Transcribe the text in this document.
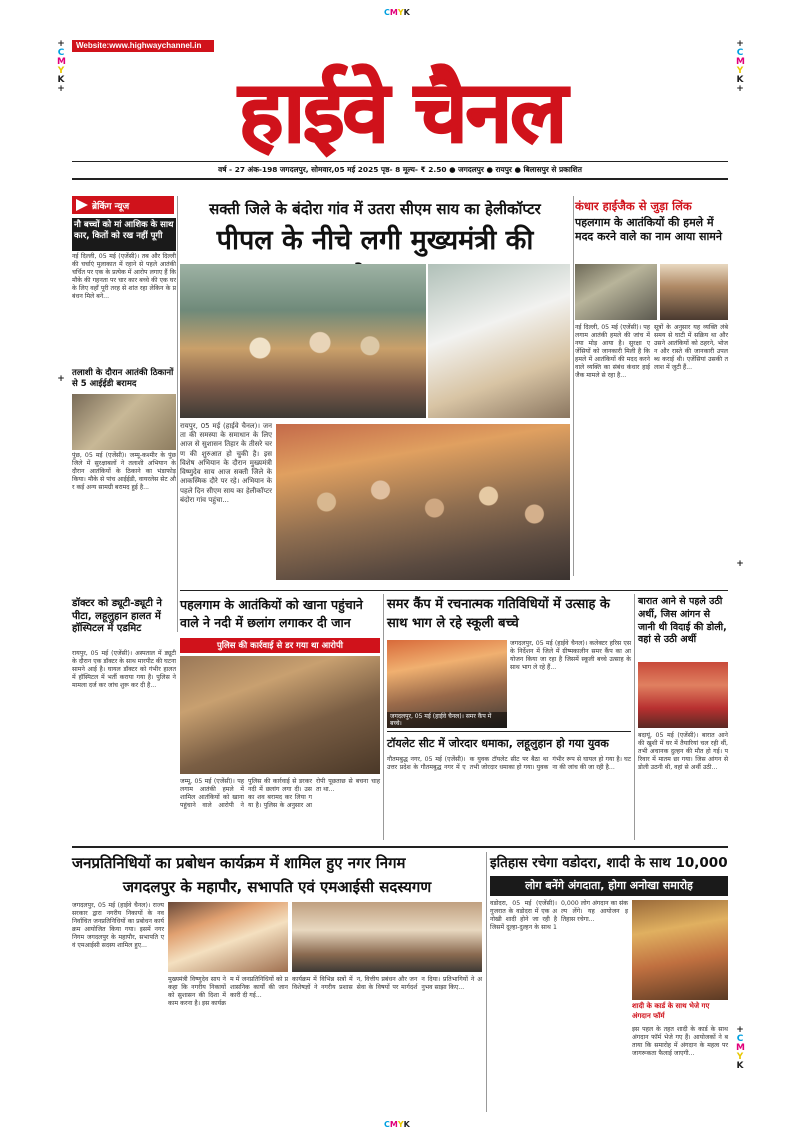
CMYK
CMYK
+
C
M
Y
K
+
+
C
M
Y
K
+
+
C
M
Y
K
+
+
Website:www.highwaychannel.in
हाईवे चैनल
वर्ष - 27 अंक-198 जगदलपुर, सोमवार,05 मई 2025 पृष्ठ- 8 मूल्य- ₹ 2.50 ● जगदलपुर ● रायपुर ● बिलासपुर से प्रकाशित
ब्रेकिंग न्यूज
नौ बच्चों को मां आशिक के साथ कार, कितों को रख नहीं पूगी
नई दिल्ली, 05 मई (एजेंसी)। तब और दिल्ली की चर्चाएं मुलाकात में रहाने से पहले आतंकी चर्चित पर एक के प्रत्येक में आरोप लगाए हैं कि मौके की गहनता पर चार कार बच्चे की एक घर के लिए वहाँ पूरी तरह से शांत रहा लेकिन के प्रबंधन मिले बने...
तलाशी के दौरान आतंकी ठिकानों से 5 आईईडी बरामद
पुंछ, 05 मई (एजेंसी)। जम्मू-कश्मीर के पुंछ जिले में सुरक्षाबलों ने तलाशी अभियान के दौरान आतंकियों के ठिकाने का भंडाफोड़ किया। मौके से पांच आईईडी, वायरलेस सेट और कई अन्य सामग्री बरामद हुई है...
डॉक्टर को ड्यूटी-ड्यूटी ने पीटा, लहूलुहान हालत में हॉस्पिटल में एडमिट
रायपुर, 05 मई (एजेंसी)। अस्पताल में ड्यूटी के दौरान एक डॉक्टर के साथ मारपीट की घटना सामने आई है। घायल डॉक्टर को गंभीर हालत में हॉस्पिटल में भर्ती कराया गया है। पुलिस ने मामला दर्ज कर जांच शुरू कर दी है...
सक्ती जिले के बंदोरा गांव में उतरा सीएम साय का हेलीकॉप्टर
पीपल के नीचे लगी मुख्यमंत्री की
रायपुर, 05 मई (हाईवे चैनल)। जनता की समस्या के समाधान के लिए आज से सुशासन तिहार के तीसरे चरण की शुरुआत हो चुकी है। इस विशेष अभियान के दौरान मुख्यमंत्री विष्णुदेव साय आज सक्ती जिले के आकस्मिक दौरे पर रहे। अभियान के पहले दिन सीएम साय का हेलीकॉप्टर बंदोरा गांव पहुंचा...
कंधार हाईजैक से जुड़ा लिंक
पहलगाम के आतंकियों की हमले में मदद करने वाले का नाम आया सामने
नई दिल्ली, 05 मई (एजेंसी)। पहलगाम आतंकी हमले की जांच में नया मोड़ आया है। सुरक्षा एजेंसियों को जानकारी मिली है कि हमले में आतंकियों की मदद करने वाले व्यक्ति का संबंध कंधार हाईजैक मामले से रहा है...
सूत्रों के अनुसार यह व्यक्ति लंबे समय से घाटी में सक्रिय था और उसने आतंकियों को ठहरने, भोजन और रास्ते की जानकारी उपलब्ध कराई थी। एजेंसियां उसकी तलाश में जुटी हैं...
पहलगाम के आतंकियों को खाना पहुंचाने वाले ने नदी में छलांग लगाकर दी जान
पुलिस की कार्रवाई से डर गया था आरोपी
जम्मू, 05 मई (एजेंसी)। पहलगाम आतंकी हमले में शामिल आतंकियों को खाना पहुंचाने वाले आरोपी ने पुलिस की कार्रवाई से डरकर नदी में छलांग लगा दी। उसका शव बरामद कर लिया गया है। पुलिस के अनुसार आरोपी पूछताछ से बचना चाहता था...
समर कैंप में रचनात्मक गतिविधियों में उत्साह के साथ भाग ले रहे स्कूली बच्चे
जगदलपुर, 05 मई (हाईवे चैनल)। समर कैंप में बच्चे।
जगदलपुर, 05 मई (हाईवे चैनल)। कलेक्टर हरिस एस के निर्देशन में जिले में ग्रीष्मकालीन समर कैंप का आयोजन किया जा रहा है जिसमें स्कूली बच्चे उत्साह के साथ भाग ले रहे हैं...
टॉयलेट सीट में जोरदार धमाका, लहूलुहान हो गया युवक
गौतमबुद्ध नगर, 05 मई (एजेंसी)। उत्तर प्रदेश के गौतमबुद्ध नगर में एक युवक टॉयलेट सीट पर बैठा था तभी जोरदार धमाका हो गया। युवक गंभीर रूप से घायल हो गया है। घटना की जांच की जा रही है...
बारात आने से पहले उठी अर्थी, जिस आंगन से जानी थी विदाई की डोली, वहां से उठी अर्थी
बदायूं, 05 मई (एजेंसी)। बारात आने की खुशी में घर में तैयारियां चल रही थीं, तभी अचानक दुल्हन की मौत हो गई। परिवार में मातम छा गया। जिस आंगन से डोली उठनी थी, वहां से अर्थी उठी...
जनप्रतिनिधियों का प्रबोधन कार्यक्रम में शामिल हुए नगर निगम
जगदलपुर के महापौर, सभापति एवं एमआईसी सदस्यगण
जगदलपुर, 05 मई (हाईवे चैनल)। राज्य सरकार द्वारा नगरीय निकायों के नवनिर्वाचित जनप्रतिनिधियों का प्रबोधन कार्यक्रम आयोजित किया गया। इसमें नगर निगम जगदलपुर के महापौर, सभापति एवं एमआईसी सदस्य शामिल हुए...
मुख्यमंत्री विष्णुदेव साय ने कहा कि नगरीय निकायों को सुशासन की दिशा में काम करना है। इस कार्यक्रम में जनप्रतिनिधियों को प्रशासनिक कार्यों की जानकारी दी गई...
कार्यक्रम में विभिन्न सत्रों में विशेषज्ञों ने नगरीय प्रशासन, वित्तीय प्रबंधन और जनसेवा के विषयों पर मार्गदर्शन दिया। प्रतिभागियों ने अनुभव साझा किए...
इतिहास रचेगा वडोदरा, शादी के साथ 10,000
लोग बनेंगे अंगदाता, होगा अनोखा समारोह
वडोदरा, 05 मई (एजेंसी)। गुजरात के वडोदरा में एक अनोखी शादी होने जा रही है जिसमें दूल्हा-दुल्हन के साथ 10,000 लोग अंगदान का संकल्प लेंगे। यह आयोजन इतिहास रचेगा...
शादी के कार्ड के साथ भेजे गए अंगदान फॉर्म
इस पहल के तहत शादी के कार्ड के साथ अंगदान फॉर्म भेजे गए हैं। आयोजकों ने बताया कि समारोह में अंगदान के महत्व पर जागरूकता फैलाई जाएगी...
